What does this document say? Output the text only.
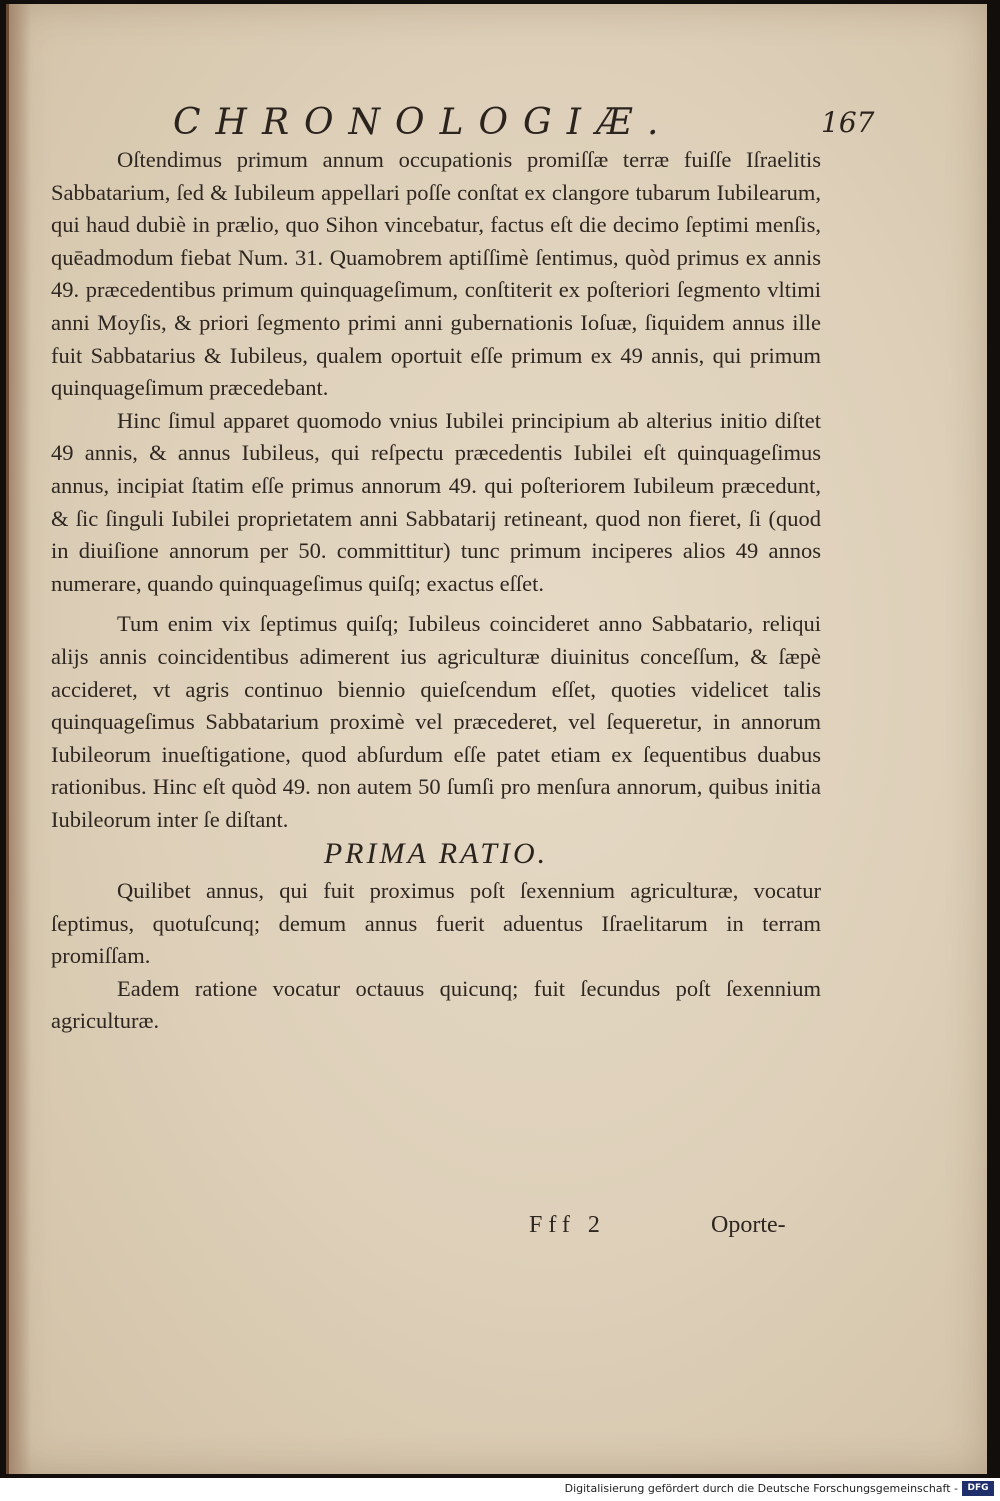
CHRONOLOGIÆ.	167

Oſtendimus primum annum occupationis promiſſæ terræ fuiſſe Iſraelitis Sabbatarium, ſed & Iubileum appellari poſſe conſtat ex clangore tubarum Iubilearum, qui haud dubiè in prælio, quo Sihon vincebatur, factus eſt die decimo ſeptimi menſis, quēadmodum fiebat Num. 31. Quamobrem aptiſſimè ſentimus, quòd primus ex annis 49. præcedentibus primum quinquageſimum, conſtiterit ex poſteriori ſegmento vltimi anni Moyſis, & priori ſegmento primi anni gubernationis Ioſuæ, ſiquidem annus ille fuit Sabbatarius & Iubileus, qualem oportuit eſſe primum ex 49 annis, qui primum quinquageſimum præcedebant.

Hinc ſimul apparet quomodo vnius Iubilei principium ab alterius initio diſtet 49 annis, & annus Iubileus, qui reſpectu præcedentis Iubilei eſt quinquageſimus annus, incipiat ſtatim eſſe primus annorum 49. qui poſteriorem Iubileum præcedunt, & ſic ſinguli Iubilei proprietatem anni Sabbatarij retineant, quod non fieret, ſi (quod in diuiſione annorum per 50. committitur) tunc primum inciperes alios 49 annos numerare, quando quinquageſimus quiſq; exactus eſſet.

Tum enim vix ſeptimus quiſq; Iubileus coincideret anno Sabbatario, reliqui alijs annis coincidentibus adimerent ius agriculturæ diuinitus conceſſum, & ſæpè accideret, vt agris continuo biennio quieſcendum eſſet, quoties videlicet talis quinquageſimus Sabbatarium proximè vel præcederet, vel ſequeretur, in annorum Iubileorum inueſtigatione, quod abſurdum eſſe patet etiam ex ſequentibus duabus rationibus. Hinc eſt quòd 49. non autem 50 ſumſi pro menſura annorum, quibus initia Iubileorum inter ſe diſtant.

PRIMA RATIO.

Quilibet annus, qui fuit proximus poſt ſexennium agriculturæ, vocatur ſeptimus, quotuſcunq; demum annus fuerit aduentus Iſraelitarum in terram promiſſam.

Eadem ratione vocatur octauus quicunq; fuit ſecundus poſt ſexennium agriculturæ.

Fff 2	Oporte-
Digitalisierung gefördert durch die Deutsche Forschungsgemeinschaft -	DFG
